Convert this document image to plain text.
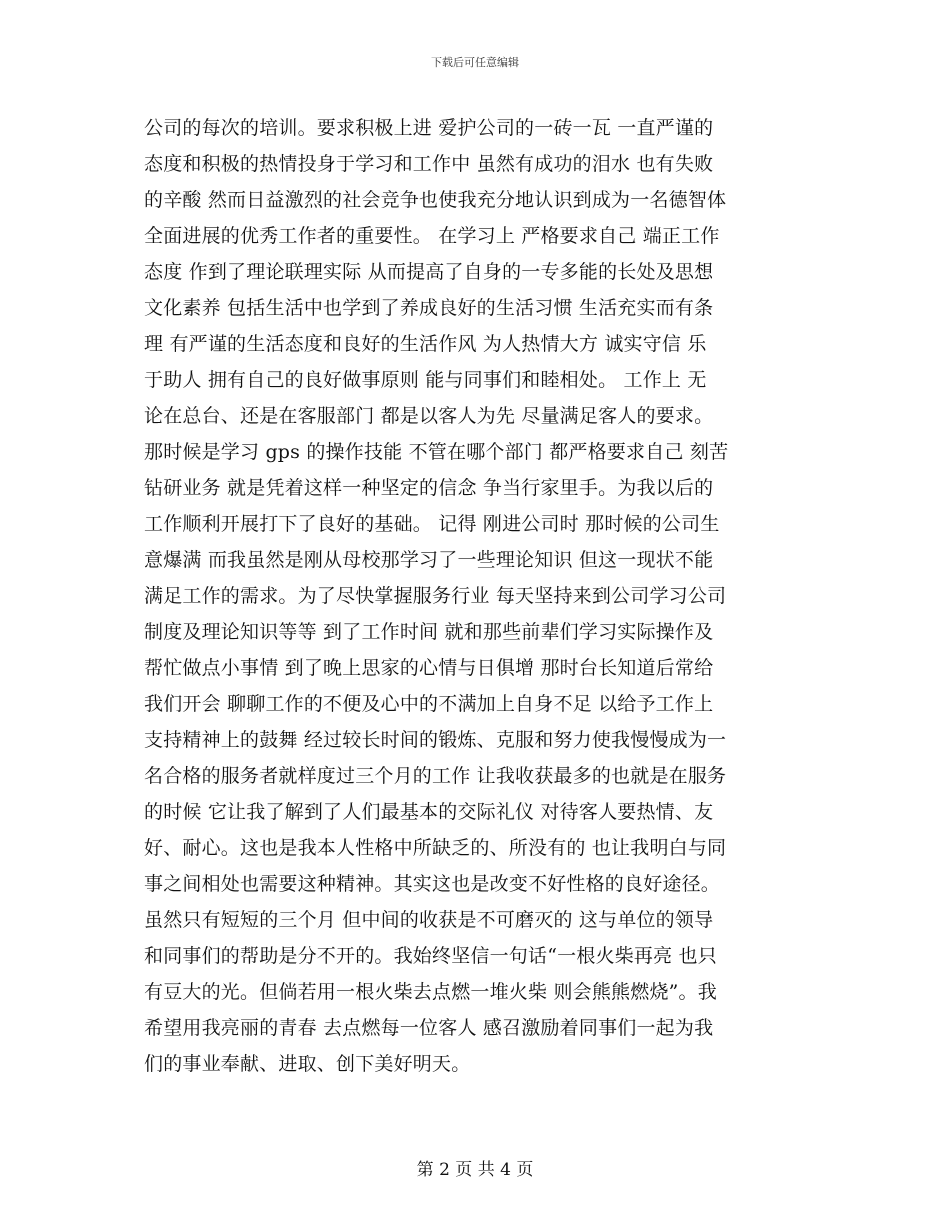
下载后可任意编辑
公司的每次的培训。要求积极上进 爱护公司的一砖一瓦 一直严谨的
态度和积极的热情投身于学习和工作中 虽然有成功的泪水 也有失败
的辛酸 然而日益激烈的社会竞争也使我充分地认识到成为一名德智体
全面进展的优秀工作者的重要性。 在学习上 严格要求自己 端正工作
态度 作到了理论联理实际 从而提高了自身的一专多能的长处及思想
文化素养 包括生活中也学到了养成良好的生活习惯 生活充实而有条
理 有严谨的生活态度和良好的生活作风 为人热情大方 诚实守信 乐
于助人 拥有自己的良好做事原则 能与同事们和睦相处。 工作上 无
论在总台、还是在客服部门 都是以客人为先 尽量满足客人的要求。
那时候是学习 gps 的操作技能 不管在哪个部门 都严格要求自己 刻苦
钻研业务 就是凭着这样一种坚定的信念 争当行家里手。为我以后的
工作顺利开展打下了良好的基础。 记得 刚进公司时 那时候的公司生
意爆满 而我虽然是刚从母校那学习了一些理论知识 但这一现状不能
满足工作的需求。为了尽快掌握服务行业 每天坚持来到公司学习公司
制度及理论知识等等 到了工作时间 就和那些前辈们学习实际操作及
帮忙做点小事情 到了晚上思家的心情与日俱增 那时台长知道后常给
我们开会 聊聊工作的不便及心中的不满加上自身不足 以给予工作上
支持精神上的鼓舞 经过较长时间的锻炼、克服和努力使我慢慢成为一
名合格的服务者就样度过三个月的工作 让我收获最多的也就是在服务
的时候 它让我了解到了人们最基本的交际礼仪 对待客人要热情、友
好、耐心。这也是我本人性格中所缺乏的、所没有的 也让我明白与同
事之间相处也需要这种精神。其实这也是改变不好性格的良好途径。
虽然只有短短的三个月 但中间的收获是不可磨灭的 这与单位的领导
和同事们的帮助是分不开的。我始终坚信一句话“一根火柴再亮 也只
有豆大的光。但倘若用一根火柴去点燃一堆火柴 则会熊熊燃烧”。我
希望用我亮丽的青春 去点燃每一位客人 感召激励着同事们一起为我
们的事业奉献、进取、创下美好明天。
第 2 页 共 4 页
